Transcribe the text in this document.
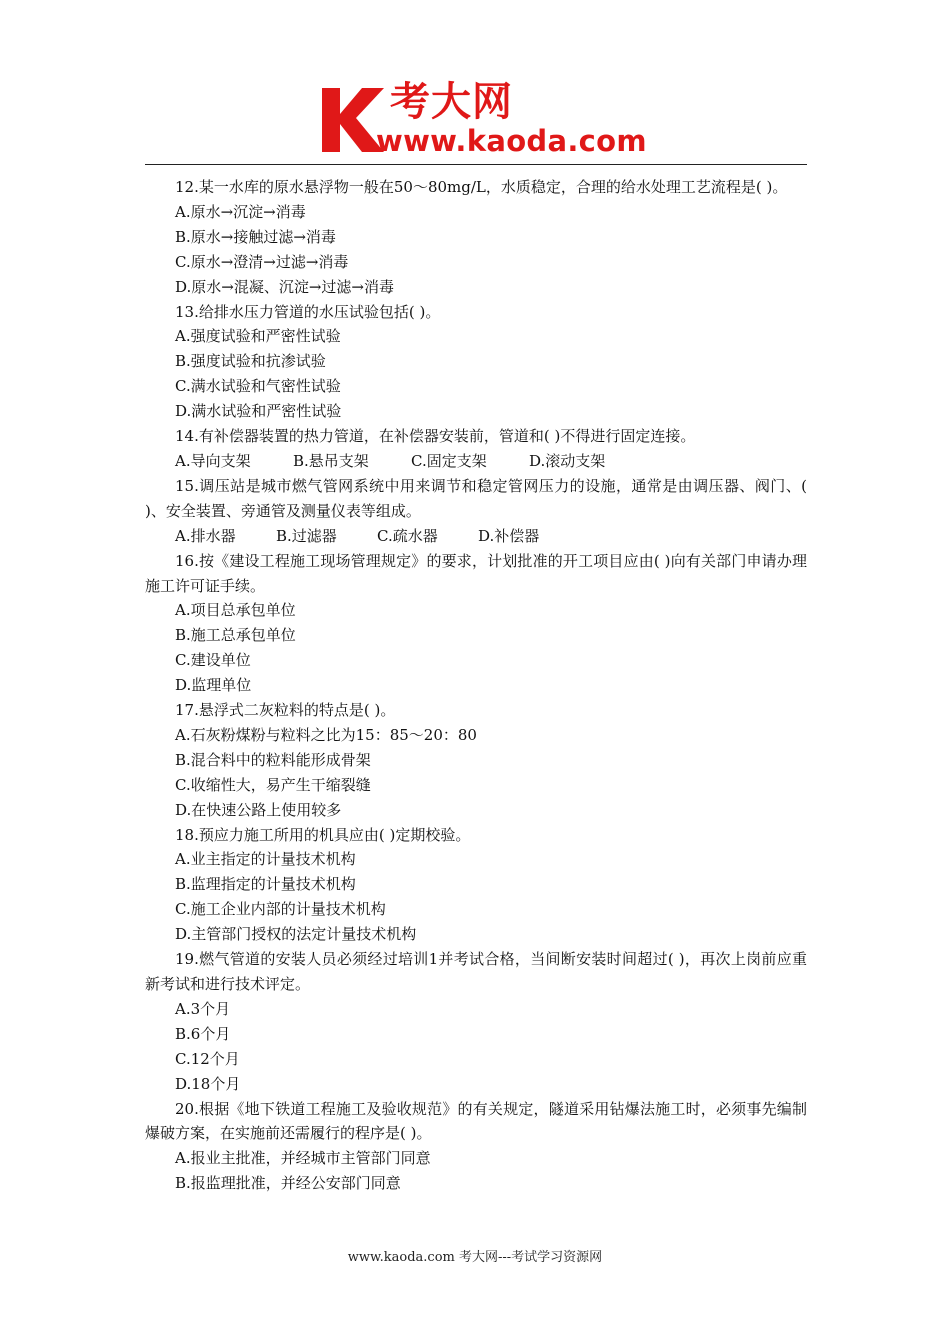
考大网
www.kaoda.com

12.某一水库的原水悬浮物一般在50～80mg/L，水质稳定，合理的给水处理工艺流程是( )。

A.原水→沉淀→消毒

B.原水→接触过滤→消毒

C.原水→澄清→过滤→消毒

D.原水→混凝、沉淀→过滤→消毒

13.给排水压力管道的水压试验包括( )。

A.强度试验和严密性试验

B.强度试验和抗渗试验

C.满水试验和气密性试验

D.满水试验和严密性试验

14.有补偿器装置的热力管道，在补偿器安装前，管道和( )不得进行固定连接。

A.导向支架	B.悬吊支架	C.固定支架	D.滚动支架

15.调压站是城市燃气管网系统中用来调节和稳定管网压力的设施，通常是由调压器、阀门、( )、安全装置、旁通管及测量仪表等组成。

A.排水器	B.过滤器	C.疏水器	D.补偿器

16.按《建设工程施工现场管理规定》的要求，计划批准的开工项目应由( )向有关部门申请办理施工许可证手续。

A.项目总承包单位

B.施工总承包单位

C.建设单位

D.监理单位

17.悬浮式二灰粒料的特点是( )。

A.石灰粉煤粉与粒料之比为15：85～20：80

B.混合料中的粒料能形成骨架

C.收缩性大，易产生干缩裂缝

D.在快速公路上使用较多

18.预应力施工所用的机具应由( )定期校验。

A.业主指定的计量技术机构

B.监理指定的计量技术机构

C.施工企业内部的计量技术机构

D.主管部门授权的法定计量技术机构

19.燃气管道的安装人员必须经过培训1并考试合格，当间断安装时间超过( )，再次上岗前应重新考试和进行技术评定。

A.3个月

B.6个月

C.12个月

D.18个月

20.根据《地下铁道工程施工及验收规范》的有关规定，隧道采用钻爆法施工时，必须事先编制爆破方案，在实施前还需履行的程序是( )。

A.报业主批准，并经城市主管部门同意

B.报监理批准，并经公安部门同意

www.kaoda.com 考大网---考试学习资源网
